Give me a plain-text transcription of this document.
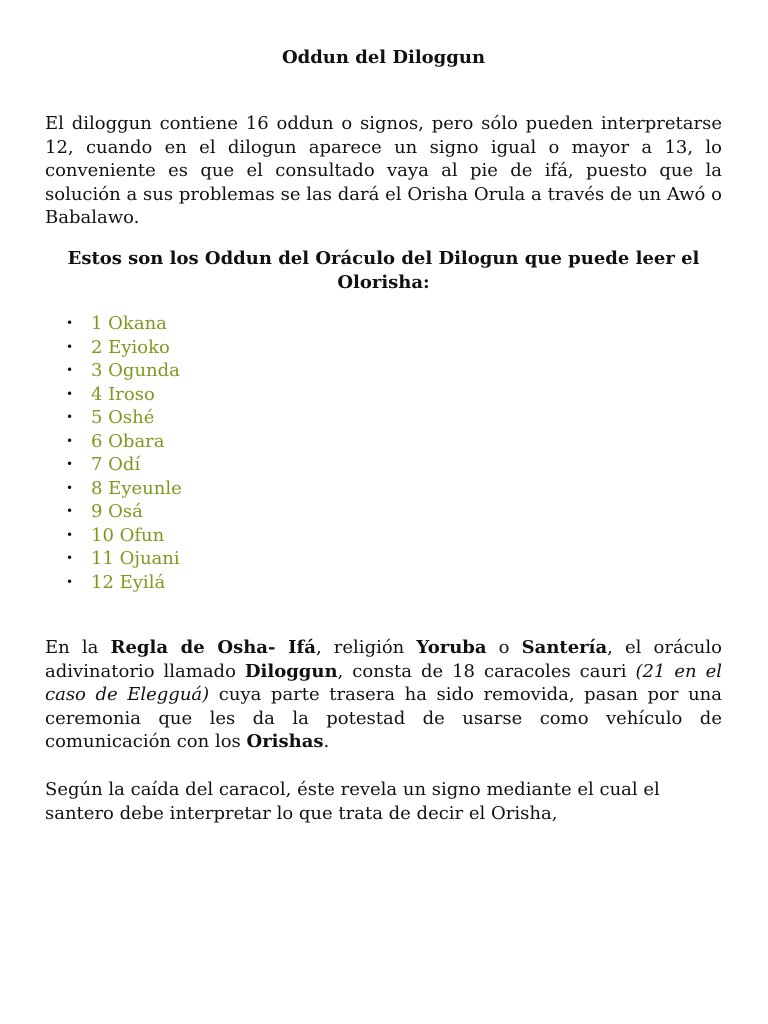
Oddun del Diloggun
El diloggun contiene 16 oddun o signos, pero sólo pueden interpretarse 12, cuando en el dilogun aparece un signo igual o mayor a 13, lo conveniente es que el consultado vaya al pie de ifá, puesto que la solución a sus problemas se las dará el Orisha Orula a través de un Awó o Babalawo.
Estos son los Oddun del Oráculo del Dilogun que puede leer el Olorisha:
• 1 Okana
• 2 Eyioko
• 3 Ogunda
• 4 Iroso
• 5 Oshé
• 6 Obara
• 7 Odí
• 8 Eyeunle
• 9 Osá
• 10 Ofun
• 11 Ojuani
• 12 Eyilá
En la Regla de Osha- Ifá, religión Yoruba o Santería, el oráculo adivinatorio llamado Diloggun, consta de 18 caracoles cauri (21 en el caso de Elegguá) cuya parte trasera ha sido removida, pasan por una ceremonia que les da la potestad de usarse como vehículo de comunicación con los Orishas.
Según la caída del caracol, éste revela un signo mediante el cual el santero debe interpretar lo que trata de decir el Orisha,
